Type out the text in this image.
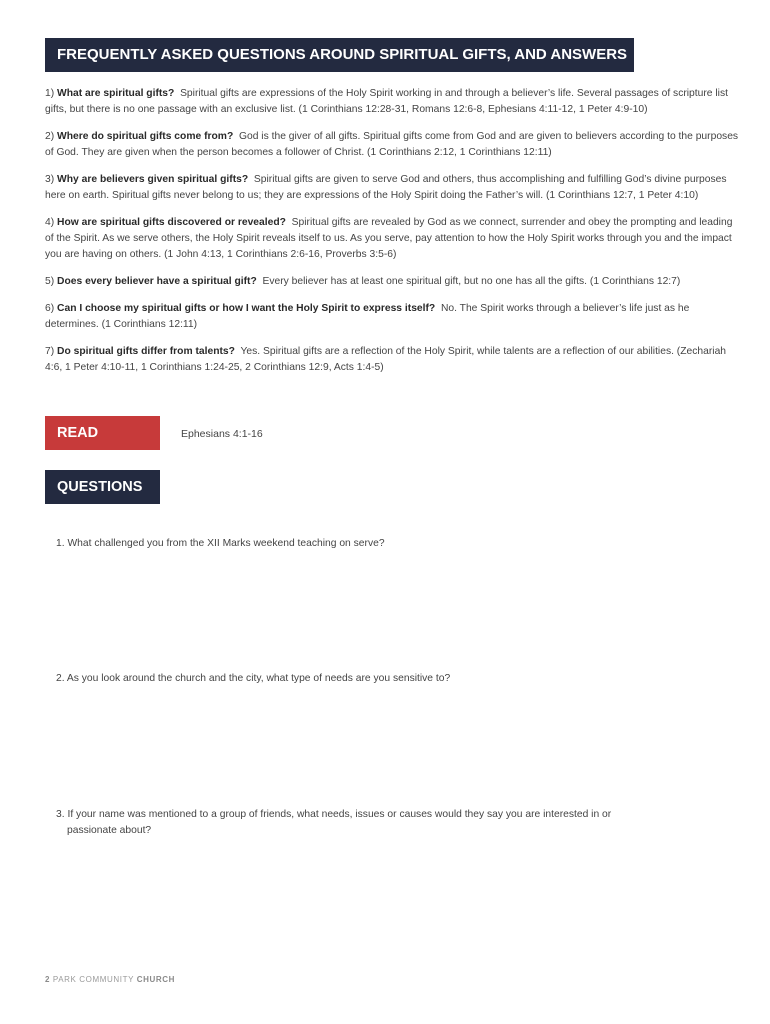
FREQUENTLY ASKED QUESTIONS AROUND SPIRITUAL GIFTS, AND ANSWERS

1) What are spiritual gifts? Spiritual gifts are expressions of the Holy Spirit working in and through a believer’s life. Several passages of scripture list gifts, but there is no one passage with an exclusive list. (1 Corinthians 12:28-31, Romans 12:6-8, Ephesians 4:11-12, 1 Peter 4:9-10)

2) Where do spiritual gifts come from? God is the giver of all gifts. Spiritual gifts come from God and are given to believers according to the purposes of God. They are given when the person becomes a follower of Christ. (1 Corinthians 2:12, 1 Corinthians 12:11)

3) Why are believers given spiritual gifts? Spiritual gifts are given to serve God and others, thus accomplishing and fulfilling God’s divine purposes here on earth. Spiritual gifts never belong to us; they are expressions of the Holy Spirit doing the Father’s will. (1 Corinthians 12:7, 1 Peter 4:10)

4) How are spiritual gifts discovered or revealed? Spiritual gifts are revealed by God as we connect, surrender and obey the prompting and leading of the Spirit. As we serve others, the Holy Spirit reveals itself to us. As you serve, pay attention to how the Holy Spirit works through you and the impact you are having on others. (1 John 4:13, 1 Corinthians 2:6-16, Proverbs 3:5-6)

5) Does every believer have a spiritual gift? Every believer has at least one spiritual gift, but no one has all the gifts. (1 Corinthians 12:7)

6) Can I choose my spiritual gifts or how I want the Holy Spirit to express itself? No. The Spirit works through a believer’s life just as he determines. (1 Corinthians 12:11)

7) Do spiritual gifts differ from talents? Yes. Spiritual gifts are a reflection of the Holy Spirit, while talents are a reflection of our abilities. (Zechariah 4:6, 1 Peter 4:10-11, 1 Corinthians 1:24-25, 2 Corinthians 12:9, Acts 1:4-5)

READ	Ephesians 4:1-16
QUESTIONS
1. What challenged you from the XII Marks weekend teaching on serve?
2. As you look around the church and the city, what type of needs are you sensitive to?
3. If your name was mentioned to a group of friends, what needs, issues or causes would they say you are interested in or
passionate about?
2 PARK COMMUNITY CHURCH
